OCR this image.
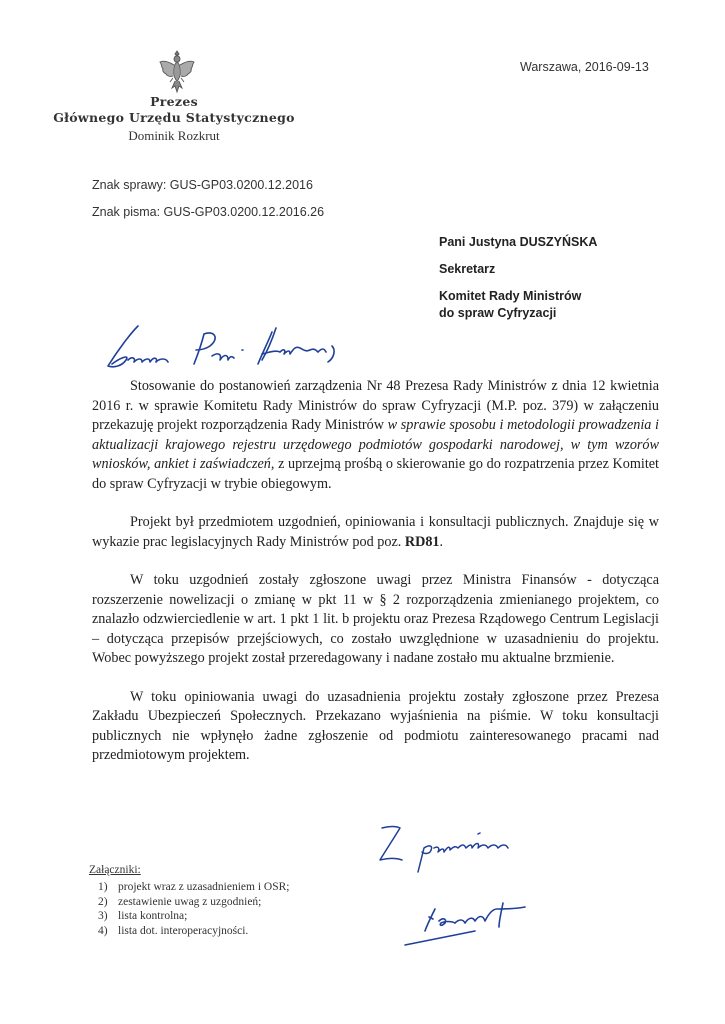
Prezes
Głównego Urzędu Statystycznego
Dominik Rozkrut
Warszawa, 2016-09-13
Znak sprawy: GUS-GP03.0200.12.2016
Znak pisma: GUS-GP03.0200.12.2016.26
Pani Justyna DUSZYŃSKA
Sekretarz
Komitet Rady Ministrów
do spraw Cyfryzacji

Stosowanie do postanowień zarządzenia Nr 48 Prezesa Rady Ministrów z dnia 12 kwietnia 2016 r. w sprawie Komitetu Rady Ministrów do spraw Cyfryzacji (M.P. poz. 379) w załączeniu przekazuję projekt rozporządzenia Rady Ministrów w sprawie sposobu i metodologii prowadzenia i aktualizacji krajowego rejestru urzędowego podmiotów gospodarki narodowej, w tym wzorów wniosków, ankiet i zaświadczeń, z uprzejmą prośbą o skierowanie go do rozpatrzenia przez Komitet do spraw Cyfryzacji w trybie obiegowym.

Projekt był przedmiotem uzgodnień, opiniowania i konsultacji publicznych. Znajduje się w wykazie prac legislacyjnych Rady Ministrów pod poz. RD81.

W toku uzgodnień zostały zgłoszone uwagi przez Ministra Finansów - dotycząca rozszerzenie nowelizacji o zmianę w pkt 11 w § 2 rozporządzenia zmienianego projektem, co znalazło odzwierciedlenie w art. 1 pkt 1 lit. b projektu oraz Prezesa Rządowego Centrum Legislacji – dotycząca przepisów przejściowych, co zostało uwzględnione w uzasadnieniu do projektu. Wobec powyższego projekt został przeredagowany i nadane zostało mu aktualne brzmienie.

W toku opiniowania uwagi do uzasadnienia projektu zostały zgłoszone przez Prezesa Zakładu Ubezpieczeń Społecznych. Przekazano wyjaśnienia na piśmie. W toku konsultacji publicznych nie wpłynęło żadne zgłoszenie od podmiotu zainteresowanego pracami nad przedmiotowym projektem.

Załączniki:
1) projekt wraz z uzasadnieniem i OSR;
2) zestawienie uwag z uzgodnień;
3) lista kontrolna;
4) lista dot. interoperacyjności.
